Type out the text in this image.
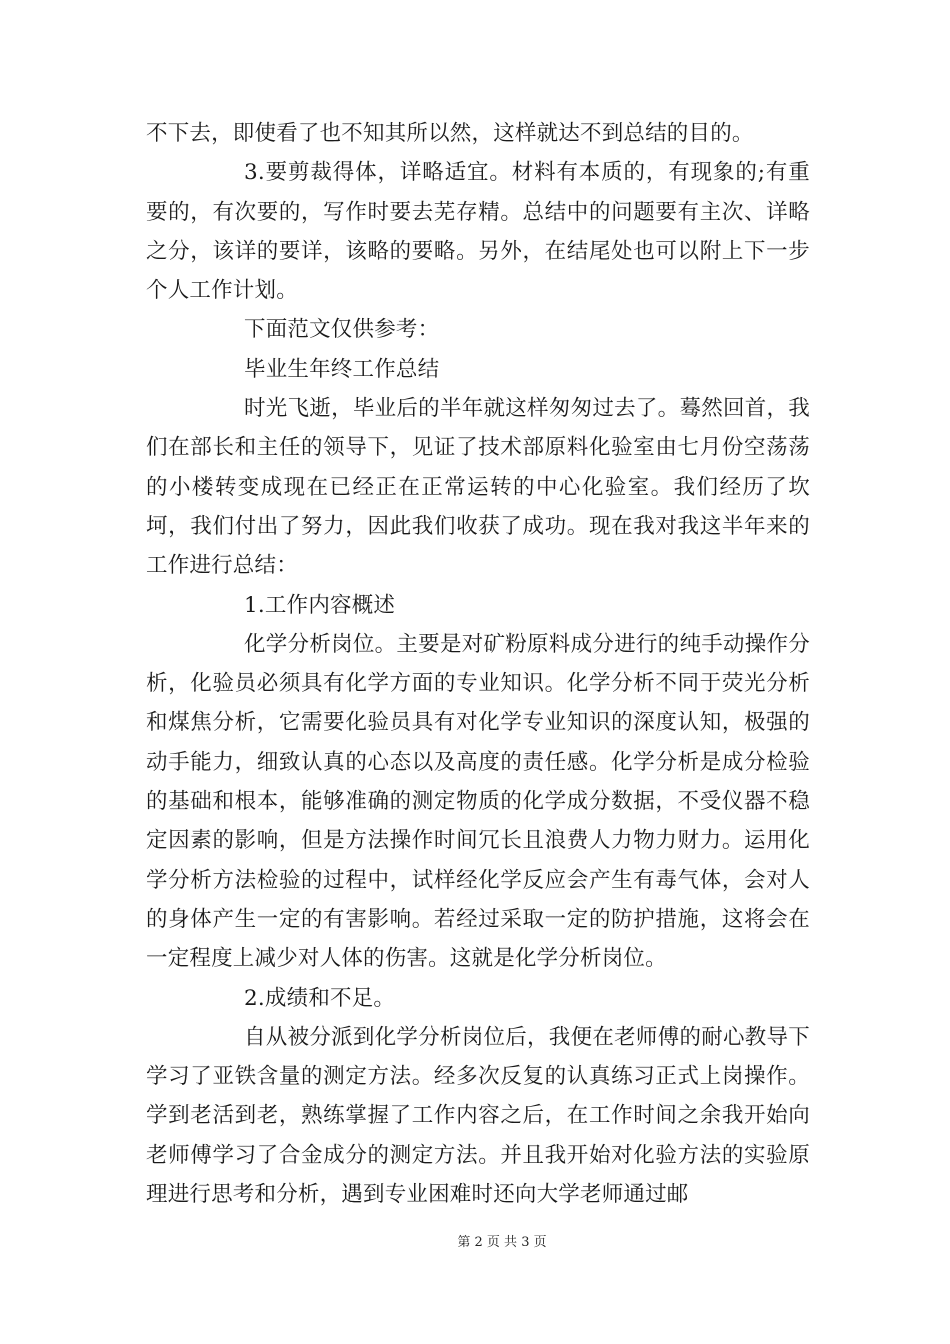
不下去，即使看了也不知其所以然，这样就达不到总结的目的。

3.要剪裁得体，详略适宜。材料有本质的，有现象的;有重要的，有次要的，写作时要去芜存精。总结中的问题要有主次、详略之分，该详的要详，该略的要略。另外，在结尾处也可以附上下一步个人工作计划。

下面范文仅供参考：

毕业生年终工作总结

时光飞逝，毕业后的半年就这样匆匆过去了。蓦然回首，我们在部长和主任的领导下，见证了技术部原料化验室由七月份空荡荡的小楼转变成现在已经正在正常运转的中心化验室。我们经历了坎坷，我们付出了努力，因此我们收获了成功。现在我对我这半年来的工作进行总结：

1.工作内容概述

化学分析岗位。主要是对矿粉原料成分进行的纯手动操作分析，化验员必须具有化学方面的专业知识。化学分析不同于荧光分析和煤焦分析，它需要化验员具有对化学专业知识的深度认知，极强的动手能力，细致认真的心态以及高度的责任感。化学分析是成分检验的基础和根本，能够准确的测定物质的化学成分数据，不受仪器不稳定因素的影响，但是方法操作时间冗长且浪费人力物力财力。运用化学分析方法检验的过程中，试样经化学反应会产生有毒气体，会对人的身体产生一定的有害影响。若经过采取一定的防护措施，这将会在一定程度上减少对人体的伤害。这就是化学分析岗位。

2.成绩和不足。

自从被分派到化学分析岗位后，我便在老师傅的耐心教导下学习了亚铁含量的测定方法。经多次反复的认真练习正式上岗操作。学到老活到老，熟练掌握了工作内容之后，在工作时间之余我开始向老师傅学习了合金成分的测定方法。并且我开始对化验方法的实验原理进行思考和分析，遇到专业困难时还向大学老师通过邮

第 2 页 共 3 页
